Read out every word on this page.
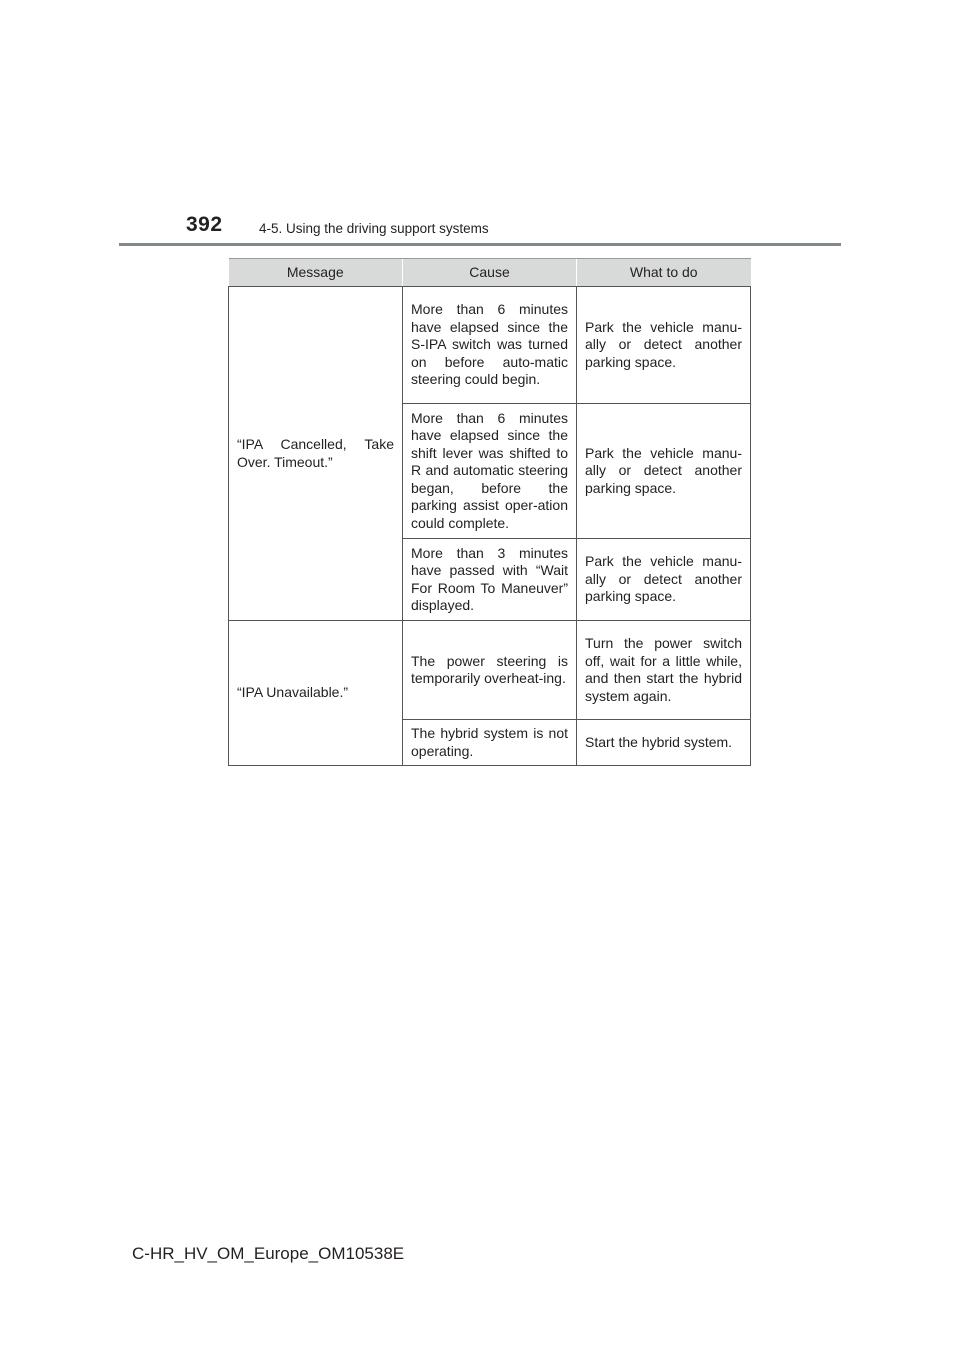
392	4-5. Using the driving support systems
Message	Cause	What to do
“IPA Cancelled, Take Over. Timeout.”	More than 6 minutes have elapsed since the S-IPA switch was turned on before auto-matic steering could begin.	Park the vehicle manu-ally or detect another parking space.
	More than 6 minutes have elapsed since the shift lever was shifted to R and automatic steering began, before the parking assist oper-ation could complete.	Park the vehicle manu-ally or detect another parking space.
	More than 3 minutes have passed with “Wait For Room To Maneuver” displayed.	Park the vehicle manu-ally or detect another parking space.
“IPA Unavailable.”	The power steering is temporarily overheat-ing.	Turn the power switch off, wait for a little while, and then start the hybrid system again.
	The hybrid system is not operating.	Start the hybrid system.
C-HR_HV_OM_Europe_OM10538E
